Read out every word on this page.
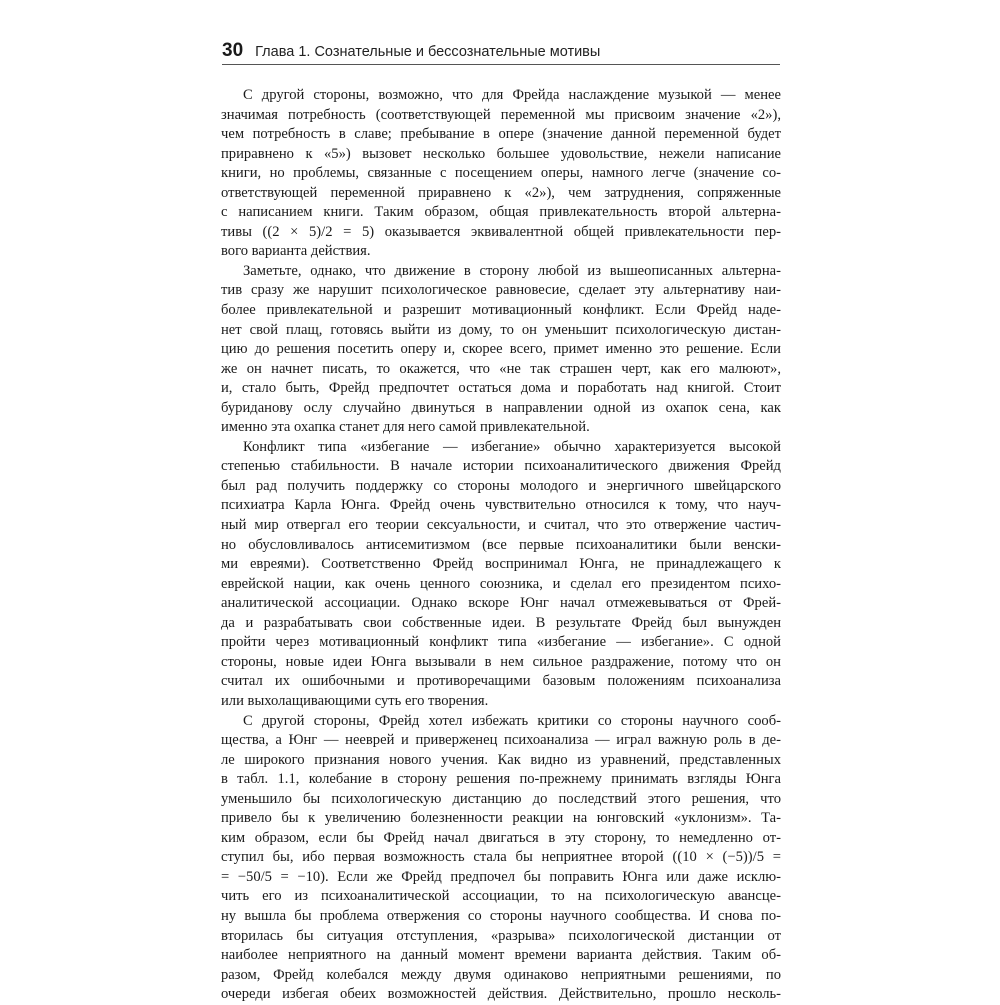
30 Глава 1. Сознательные и бессознательные мотивы
С другой стороны, возможно, что для Фрейда наслаждение музыкой — менее
значимая потребность (соответствующей переменной мы присвоим значение «2»),
чем потребность в славе; пребывание в опере (значение данной переменной будет
приравнено к «5») вызовет несколько большее удовольствие, нежели написание
книги, но проблемы, связанные с посещением оперы, намного легче (значение со-
ответствующей переменной приравнено к «2»), чем затруднения, сопряженные
с написанием книги. Таким образом, общая привлекательность второй альтерна-
тивы ((2 × 5)/2 = 5) оказывается эквивалентной общей привлекательности пер-
вого варианта действия.
Заметьте, однако, что движение в сторону любой из вышеописанных альтерна-
тив сразу же нарушит психологическое равновесие, сделает эту альтернативу наи-
более привлекательной и разрешит мотивационный конфликт. Если Фрейд наде-
нет свой плащ, готовясь выйти из дому, то он уменьшит психологическую дистан-
цию до решения посетить оперу и, скорее всего, примет именно это решение. Если
же он начнет писать, то окажется, что «не так страшен черт, как его малюют»,
и, стало быть, Фрейд предпочтет остаться дома и поработать над книгой. Стоит
буриданову ослу случайно двинуться в направлении одной из охапок сена, как
именно эта охапка станет для него самой привлекательной.
Конфликт типа «избегание — избегание» обычно характеризуется высокой
степенью стабильности. В начале истории психоаналитического движения Фрейд
был рад получить поддержку со стороны молодого и энергичного швейцарского
психиатра Карла Юнга. Фрейд очень чувствительно относился к тому, что науч-
ный мир отвергал его теории сексуальности, и считал, что это отвержение частич-
но обусловливалось антисемитизмом (все первые психоаналитики были венски-
ми евреями). Соответственно Фрейд воспринимал Юнга, не принадлежащего к
еврейской нации, как очень ценного союзника, и сделал его президентом психо-
аналитической ассоциации. Однако вскоре Юнг начал отмежевываться от Фрей-
да и разрабатывать свои собственные идеи. В результате Фрейд был вынужден
пройти через мотивационный конфликт типа «избегание — избегание». С одной
стороны, новые идеи Юнга вызывали в нем сильное раздражение, потому что он
считал их ошибочными и противоречащими базовым положениям психоанализа
или выхолащивающими суть его творения.
С другой стороны, Фрейд хотел избежать критики со стороны научного сооб-
щества, а Юнг — нееврей и приверженец психоанализа — играл важную роль в де-
ле широкого признания нового учения. Как видно из уравнений, представленных
в табл. 1.1, колебание в сторону решения по-прежнему принимать взгляды Юнга
уменьшило бы психологическую дистанцию до последствий этого решения, что
привело бы к увеличению болезненности реакции на юнговский «уклонизм». Та-
ким образом, если бы Фрейд начал двигаться в эту сторону, то немедленно от-
ступил бы, ибо первая возможность стала бы неприятнее второй ((10 × (−5))/5 =
= −50/5 = −10). Если же Фрейд предпочел бы поправить Юнга или даже исклю-
чить его из психоаналитической ассоциации, то на психологическую авансце-
ну вышла бы проблема отвержения со стороны научного сообщества. И снова по-
вторилась бы ситуация отступления, «разрыва» психологической дистанции от
наиболее неприятного на данный момент времени варианта действия. Таким об-
разом, Фрейд колебался между двумя одинаково неприятными решениями, по
очереди избегая обеих возможностей действия. Действительно, прошло несколь-
